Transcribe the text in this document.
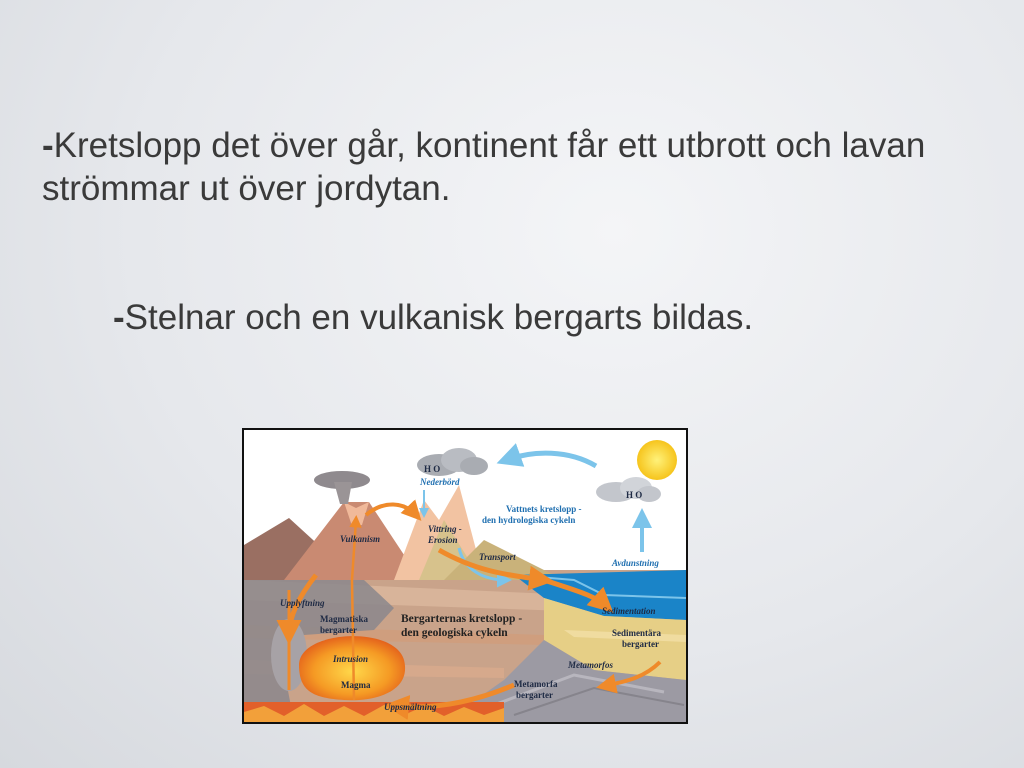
-Kretslopp det över går, kontinent får ett utbrott och lavan strömmar ut över jordytan.
-Stelnar och en vulkanisk bergarts bildas.
H O
Nederbörd
H O
Vattnets kretslopp -
den hydrologiska cykeln
Vittring -
Erosion
Vulkanism
Transport
Avdunstning
Sedimentation
Sedimentära
bergarter
Upplyftning
Magmatiska
bergarter
Bergarternas kretslopp -
den geologiska cykeln
Intrusion
Magma
Metamorfos
Metamorfa
bergarter
Uppsmältning
